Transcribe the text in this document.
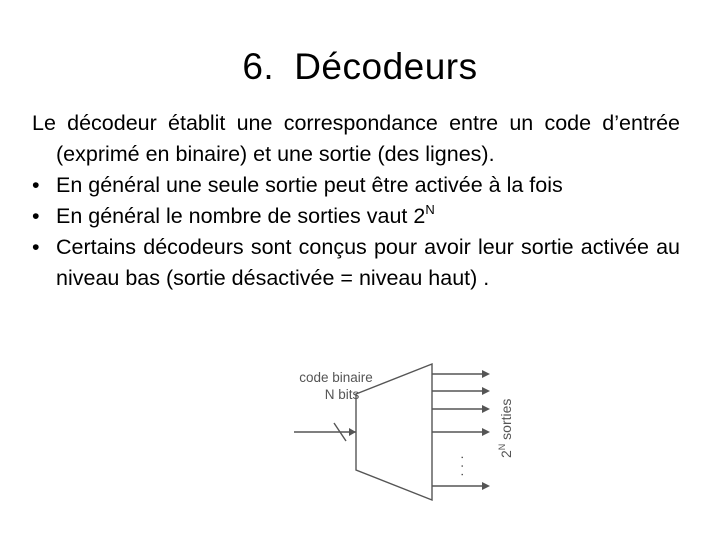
6. Décodeurs

Le décodeur établit une correspondance entre un code d’entrée (exprimé en binaire) et une sortie (des lignes).

• En général une seule sortie peut être activée à la fois
• En général le nombre de sorties vaut $2^N$
• Certains décodeurs sont conçus pour avoir leur sortie activée au niveau bas (sortie désactivée = niveau haut) .
code binaire
N bits
· · ·
$2^N$ sorties
